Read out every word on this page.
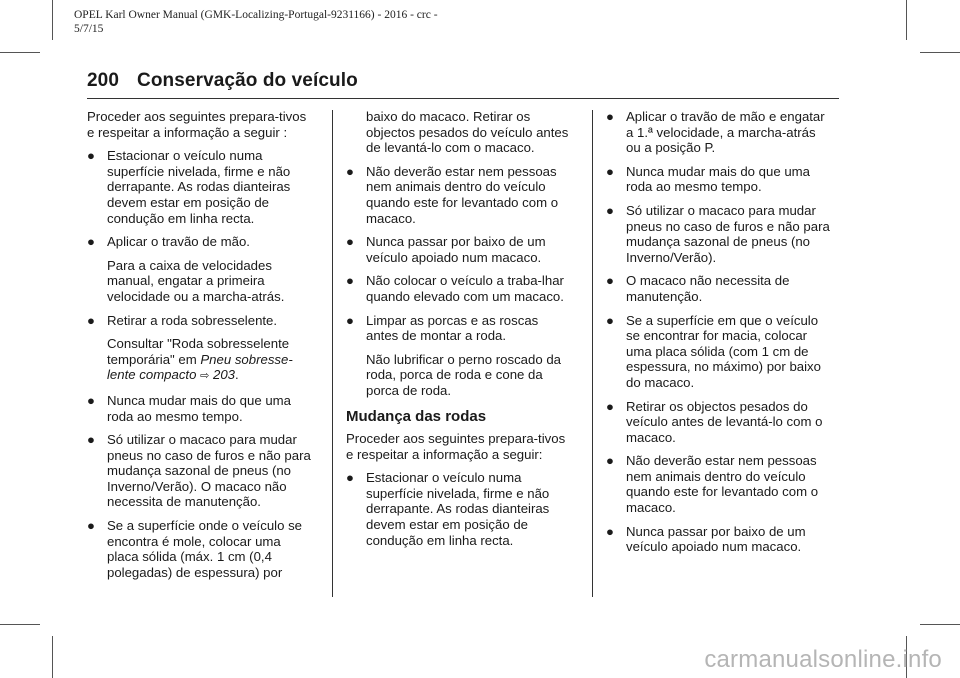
OPEL Karl Owner Manual (GMK-Localizing-Portugal-9231166) - 2016 - crc -
5/7/15
200 Conservação do veículo

Proceder aos seguintes prepara-tivos e respeitar a informação a seguir :

● Estacionar o veículo numa superfície nivelada, firme e não derrapante. As rodas dianteiras devem estar em posição de condução em linha recta.
● Aplicar o travão de mão.

Para a caixa de velocidades manual, engatar a primeira velocidade ou a marcha-atrás.

● Retirar a roda sobresselente.

Consultar "Roda sobresselente temporária" em Pneu sobresse-lente compacto ⇨ 203.

● Nunca mudar mais do que uma roda ao mesmo tempo.
● Só utilizar o macaco para mudar pneus no caso de furos e não para mudança sazonal de pneus (no Inverno/Verão). O macaco não necessita de manutenção.
● Se a superfície onde o veículo se encontra é mole, colocar uma placa sólida (máx. 1 cm (0,4 polegadas) de espessura) por

baixo do macaco. Retirar os objectos pesados do veículo antes de levantá-lo com o macaco.

● Não deverão estar nem pessoas nem animais dentro do veículo quando este for levantado com o macaco.
● Nunca passar por baixo de um veículo apoiado num macaco.
● Não colocar o veículo a traba-lhar quando elevado com um macaco.
● Limpar as porcas e as roscas antes de montar a roda.

Não lubrificar o perno roscado da roda, porca de roda e cone da porca de roda.

Mudança das rodas

Proceder aos seguintes prepara-tivos e respeitar a informação a seguir:

● Estacionar o veículo numa superfície nivelada, firme e não derrapante. As rodas dianteiras devem estar em posição de condução em linha recta.
● Aplicar o travão de mão e engatar a 1.ª velocidade, a marcha-atrás ou a posição P.
● Nunca mudar mais do que uma roda ao mesmo tempo.
● Só utilizar o macaco para mudar pneus no caso de furos e não para mudança sazonal de pneus (no Inverno/Verão).
● O macaco não necessita de manutenção.
● Se a superfície em que o veículo se encontrar for macia, colocar uma placa sólida (com 1 cm de espessura, no máximo) por baixo do macaco.
● Retirar os objectos pesados do veículo antes de levantá-lo com o macaco.
● Não deverão estar nem pessoas nem animais dentro do veículo quando este for levantado com o macaco.
● Nunca passar por baixo de um veículo apoiado num macaco.
carmanualsonline.info
